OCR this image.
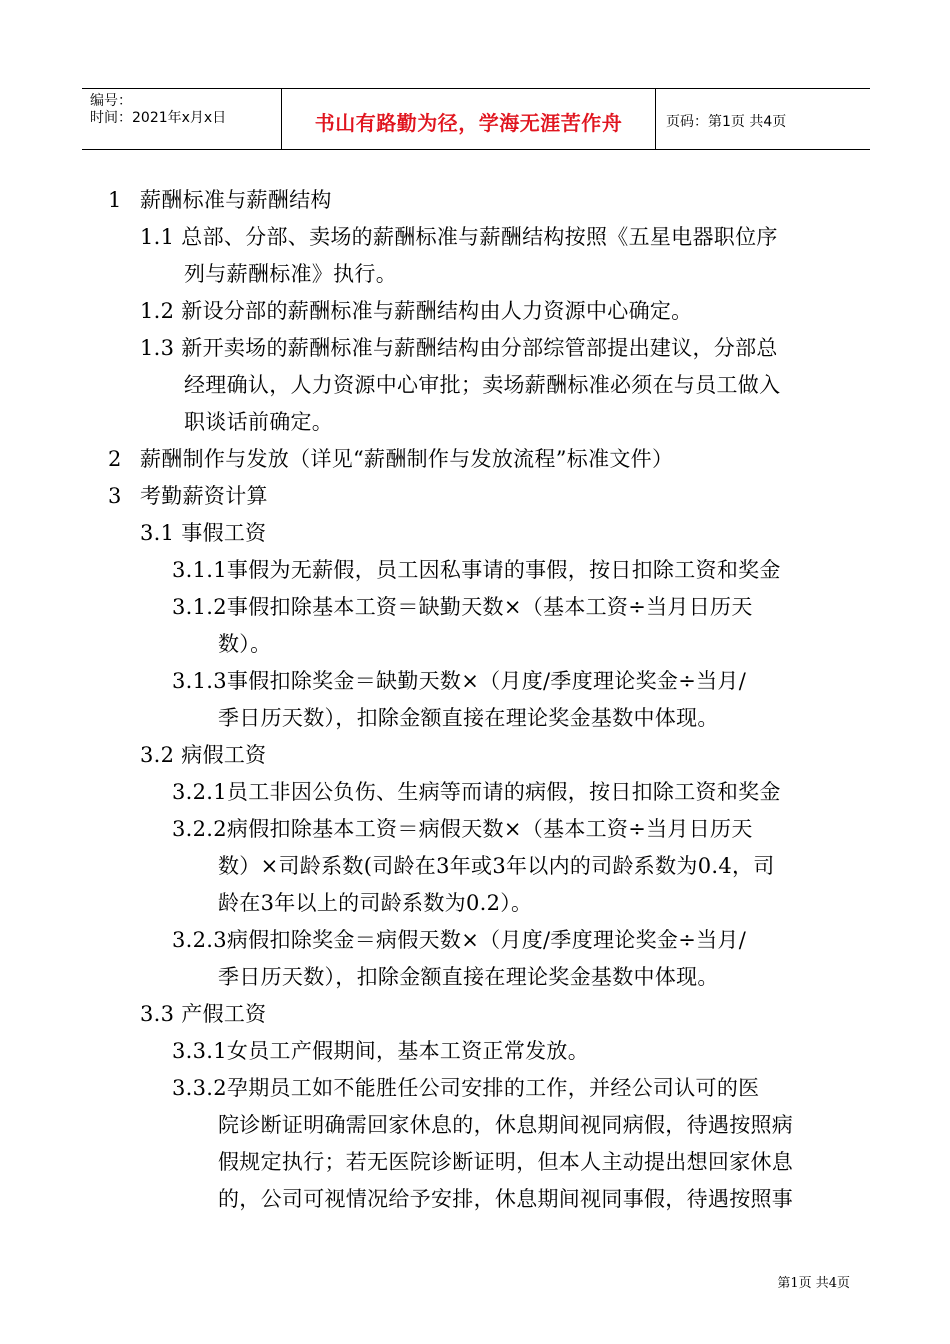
编号：
时间：2021年x月x日	书山有路勤为径，学海无涯苦作舟	页码：第1页 共4页
1 薪酬标准与薪酬结构
1.1 总部、分部、卖场的薪酬标准与薪酬结构按照《五星电器职位序
列与薪酬标准》执行。
1.2 新设分部的薪酬标准与薪酬结构由人力资源中心确定。
1.3 新开卖场的薪酬标准与薪酬结构由分部综管部提出建议，分部总
经理确认，人力资源中心审批；卖场薪酬标准必须在与员工做入
职谈话前确定。
2 薪酬制作与发放（详见“薪酬制作与发放流程”标准文件）
3 考勤薪资计算
3.1 事假工资
3.1.1事假为无薪假，员工因私事请的事假，按日扣除工资和奖金
3.1.2事假扣除基本工资＝缺勤天数×（基本工资÷当月日历天
数）。
3.1.3事假扣除奖金＝缺勤天数×（月度/季度理论奖金÷当月/
季日历天数），扣除金额直接在理论奖金基数中体现。
3.2 病假工资
3.2.1员工非因公负伤、生病等而请的病假，按日扣除工资和奖金
3.2.2病假扣除基本工资＝病假天数×（基本工资÷当月日历天
数）×司龄系数(司龄在3年或3年以内的司龄系数为0.4，司
龄在3年以上的司龄系数为0.2）。
3.2.3病假扣除奖金＝病假天数×（月度/季度理论奖金÷当月/
季日历天数），扣除金额直接在理论奖金基数中体现。
3.3 产假工资
3.3.1女员工产假期间，基本工资正常发放。
3.3.2孕期员工如不能胜任公司安排的工作，并经公司认可的医
院诊断证明确需回家休息的，休息期间视同病假，待遇按照病
假规定执行；若无医院诊断证明，但本人主动提出想回家休息
的，公司可视情况给予安排，休息期间视同事假，待遇按照事
第1页 共4页
